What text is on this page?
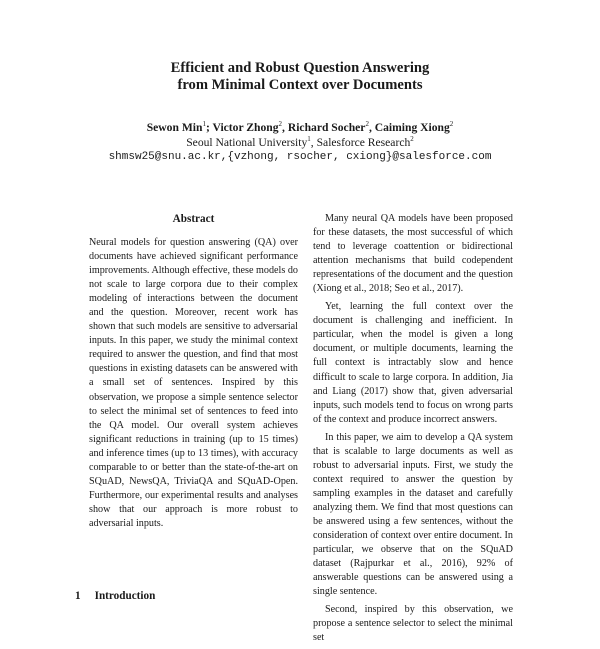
Efficient and Robust Question Answering
from Minimal Context over Documents
Sewon Min$^1$; Victor Zhong$^2$, Richard Socher$^2$, Caiming Xiong$^2$
Seoul National University$^1$, Salesforce Research$^2$
shmsw25@snu.ac.kr,{vzhong, rsocher, cxiong}@salesforce.com
Abstract
Neural models for question answering (QA) over documents have achieved significant performance improvements. Although effective, these models do not scale to large corpora due to their complex modeling of interactions between the document and the question. Moreover, recent work has shown that such models are sensitive to adversarial inputs. In this paper, we study the minimal context required to answer the question, and find that most questions in existing datasets can be answered with a small set of sentences. Inspired by this observation, we propose a simple sentence selector to select the minimal set of sentences to feed into the QA model. Our overall system achieves significant reductions in training (up to 15 times) and inference times (up to 13 times), with accuracy comparable to or better than the state-of-the-art on SQuAD, NewsQA, TriviaQA and SQuAD-Open. Furthermore, our experimental results and analyses show that our approach is more robust to adversarial inputs.
1 Introduction

Many neural QA models have been proposed for these datasets, the most successful of which tend to leverage coattention or bidirectional attention mechanisms that build codependent representations of the document and the question (Xiong et al., 2018; Seo et al., 2017).

Yet, learning the full context over the document is challenging and inefficient. In particular, when the model is given a long document, or multiple documents, learning the full context is intractably slow and hence difficult to scale to large corpora. In addition, Jia and Liang (2017) show that, given adversarial inputs, such models tend to focus on wrong parts of the context and produce incorrect answers.

In this paper, we aim to develop a QA system that is scalable to large documents as well as robust to adversarial inputs. First, we study the context required to answer the question by sampling examples in the dataset and carefully analyzing them. We find that most questions can be answered using a few sentences, without the consideration of context over entire document. In particular, we observe that on the SQuAD dataset (Rajpurkar et al., 2016), 92% of answerable questions can be answered using a single sentence.

Second, inspired by this observation, we propose a sentence selector to select the minimal set
